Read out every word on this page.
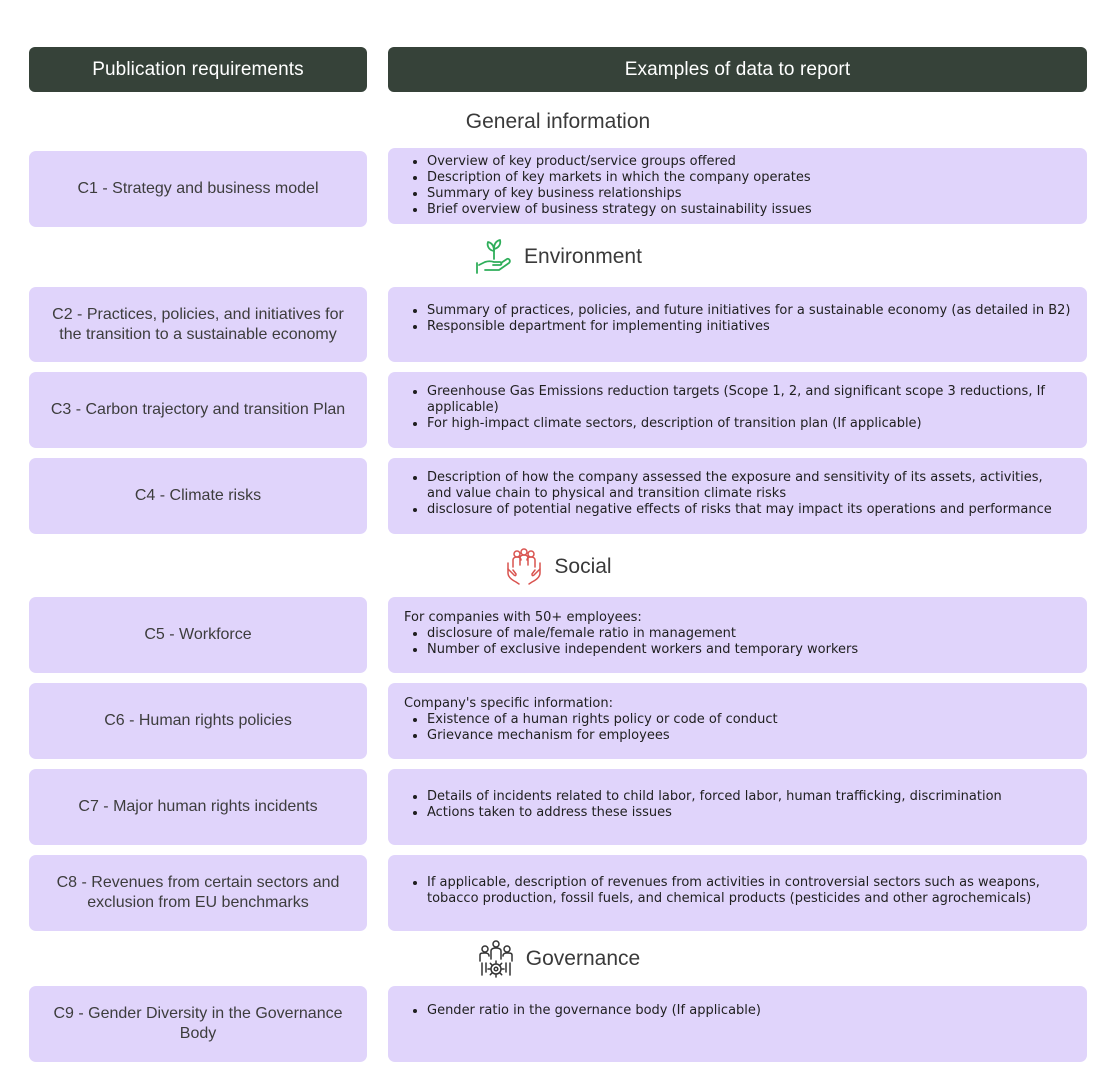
Publication requirements	Examples of data to report
General information
C1 - Strategy and business model
• Overview of key product/service groups offered
• Description of key markets in which the company operates
• Summary of key business relationships
• Brief overview of business strategy on sustainability issues
Environment
C2 - Practices, policies, and initiatives for the transition to a sustainable economy
• Summary of practices, policies, and future initiatives for a sustainable economy (as detailed in B2)
• Responsible department for implementing initiatives
C3 - Carbon trajectory and transition Plan
• Greenhouse Gas Emissions reduction targets (Scope 1, 2, and significant scope 3 reductions, If applicable)
• For high-impact climate sectors, description of transition plan (If applicable)
C4 - Climate risks
• Description of how the company assessed the exposure and sensitivity of its assets, activities, and value chain to physical and transition climate risks
• disclosure of potential negative effects of risks that may impact its operations and performance
Social
C5 - Workforce

For companies with 50+ employees:

• disclosure of male/female ratio in management
• Number of exclusive independent workers and temporary workers
C6 - Human rights policies

Company's specific information:

• Existence of a human rights policy or code of conduct
• Grievance mechanism for employees
C7 - Major human rights incidents
• Details of incidents related to child labor, forced labor, human trafficking, discrimination
• Actions taken to address these issues
C8 - Revenues from certain sectors and exclusion from EU benchmarks
• If applicable, description of revenues from activities in controversial sectors such as weapons, tobacco production, fossil fuels, and chemical products (pesticides and other agrochemicals)
Governance
C9 - Gender Diversity in the Governance Body
• Gender ratio in the governance body (If applicable)
